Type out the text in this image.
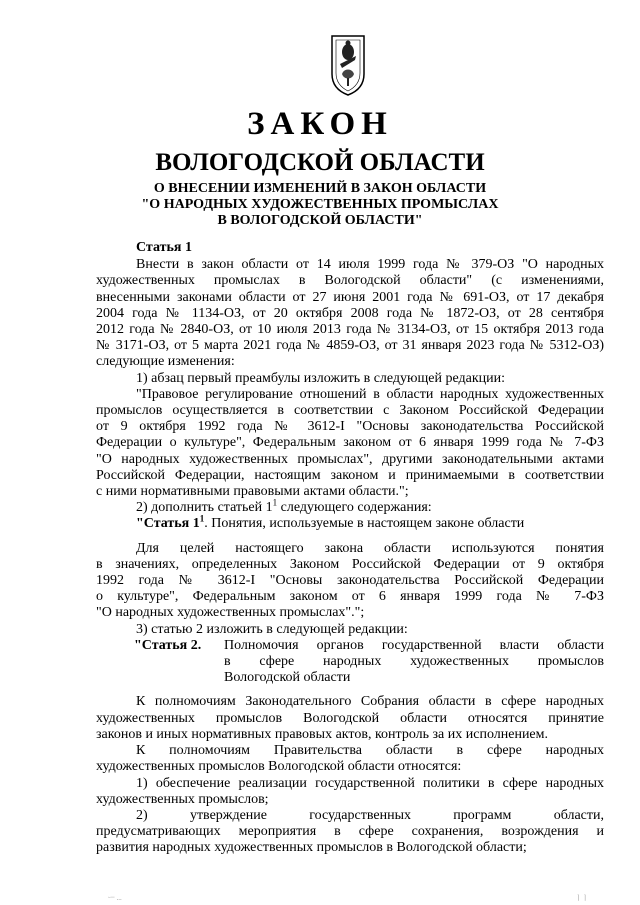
ЗАКОН
ВОЛОГОДСКОЙ ОБЛАСТИ
О ВНЕСЕНИИ ИЗМЕНЕНИЙ В ЗАКОН ОБЛАСТИ
"О НАРОДНЫХ ХУДОЖЕСТВЕННЫХ ПРОМЫСЛАХ
В ВОЛОГОДСКОЙ ОБЛАСТИ"

Статья 1

Внести в закон области от 14 июля 1999 года № 379-ОЗ "О народных

художественных промыслах в Вологодской области" (с изменениями,

внесенными законами области от 27 июня 2001 года № 691-ОЗ, от 17 декабря

2004 года № 1134-ОЗ, от 20 октября 2008 года № 1872-ОЗ, от 28 сентября

2012 года № 2840-ОЗ, от 10 июля 2013 года № 3134-ОЗ, от 15 октября 2013 года

№ 3171-ОЗ, от 5 марта 2021 года № 4859-ОЗ, от 31 января 2023 года № 5312-ОЗ)

следующие изменения:

1) абзац первый преамбулы изложить в следующей редакции:

"Правовое регулирование отношений в области народных художественных

промыслов осуществляется в соответствии с Законом Российской Федерации

от 9 октября 1992 года № 3612-I "Основы законодательства Российской

Федерации о культуре", Федеральным законом от 6 января 1999 года № 7-ФЗ

"О народных художественных промыслах", другими законодательными актами

Российской Федерации, настоящим законом и принимаемыми в соответствии

с ними нормативными правовыми актами области.";

2) дополнить статьей $1^1$ следующего содержания:

"Статья $1^1$. Понятия, используемые в настоящем законе области

Для целей настоящего закона области используются понятия

в значениях, определенных Законом Российской Федерации от 9 октября

1992 года № 3612-I "Основы законодательства Российской Федерации

о культуре", Федеральным законом от 6 января 1999 года № 7-ФЗ

"О народных художественных промыслах".";

3) статью 2 изложить в следующей редакции:

"Статья 2.	Полномочия органов государственной власти области

в сфере народных художественных промыслов

Вологодской области

К полномочиям Законодательного Собрания области в сфере народных

художественных промыслов Вологодской области относятся принятие

законов и иных нормативных правовых актов, контроль за их исполнением.

К полномочиям Правительства области в сфере народных

художественных промыслов Вологодской области относятся:

1) обеспечение реализации государственной политики в сфере народных

художественных промыслов;

2) утверждение государственных программ области,

предусматривающих мероприятия в сфере сохранения, возрождения и

развития народных художественных промыслов в Вологодской области;

ㅡ ...	ㅣㅣ
